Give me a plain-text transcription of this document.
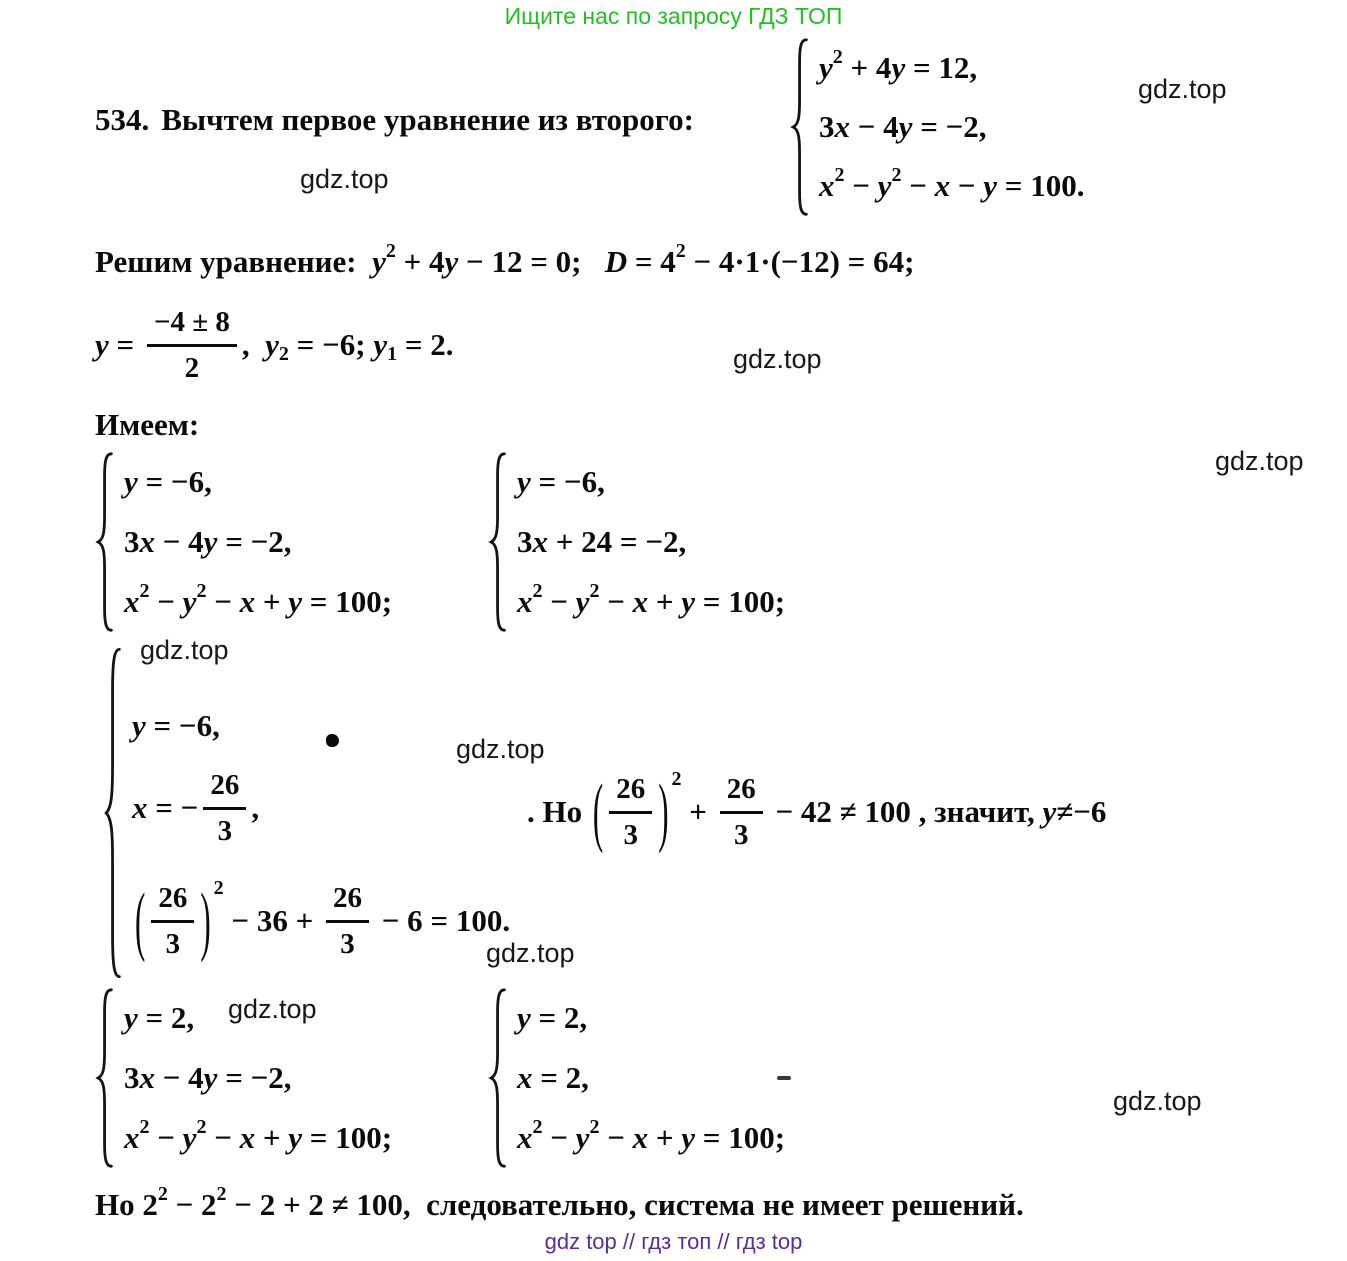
Ищите нас по запросу ГДЗ ТОП
534. Вычтем первое уравнение из второго:
y 2 + 4 y = 12,
3 x − 4 y = −2,
x 2 − y 2 − x − y = 100.
Решим уравнение: y 2 + 4 y − 12 = 0; D = 4 2 − 4·1·(−12) = 64;
$y = \frac{-4 \pm 8}{2}$ , y 2 = −6; y 1 = 2.
Имеем:
y = −6,
3 x − 4 y = −2,
x 2 − y 2 − x + y = 100;
y = −6,
3 x + 24 = −2,
x 2 − y 2 − x + y = 100;
y = −6,
x = − $\frac{26}{3}$ ,
( $\frac{26}{3}$ ) 2
− $36 + \frac{26}{3} - 6 = 100$.
. Но ( $\frac{26}{3}$ ) 2
+ $\frac{26}{3} - 42 \ne 100$ , значит, y ≠−6
y = 2,
3 x − 4 y = −2,
x 2 − y 2 − x + y = 100;
y = 2,
x = 2,
x 2 − y 2 − x + y = 100;
Но 2 2 − 2 2 − 2 + 2 ≠ 100,  следовательно, система не имеет решений.
gdz.top
gdz.top
gdz.top
gdz.top
gdz.top
gdz.top
gdz.top
gdz.top
gdz.top
gdz top // гдз топ // гдз top
